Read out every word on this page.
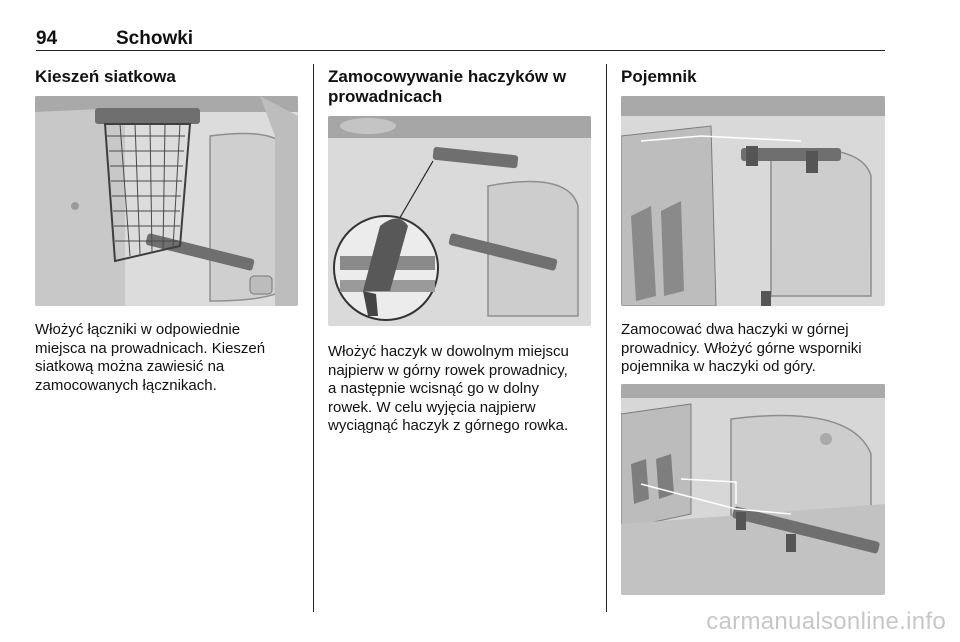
94	Schowki
Kieszeń siatkowa
Włożyć łączniki w odpowiednie
miejsca na prowadnicach. Kieszeń
siatkową można zawiesić na
zamocowanych łącznikach.
Zamocowywanie haczyków w
prowadnicach
Włożyć haczyk w dowolnym miejscu
najpierw w górny rowek prowadnicy,
a następnie wcisnąć go w dolny
rowek. W celu wyjęcia najpierw
wyciągnąć haczyk z górnego rowka.
Pojemnik
Zamocować dwa haczyki w górnej
prowadnicy. Włożyć górne wsporniki
pojemnika w haczyki od góry.
carmanualsonline.info
